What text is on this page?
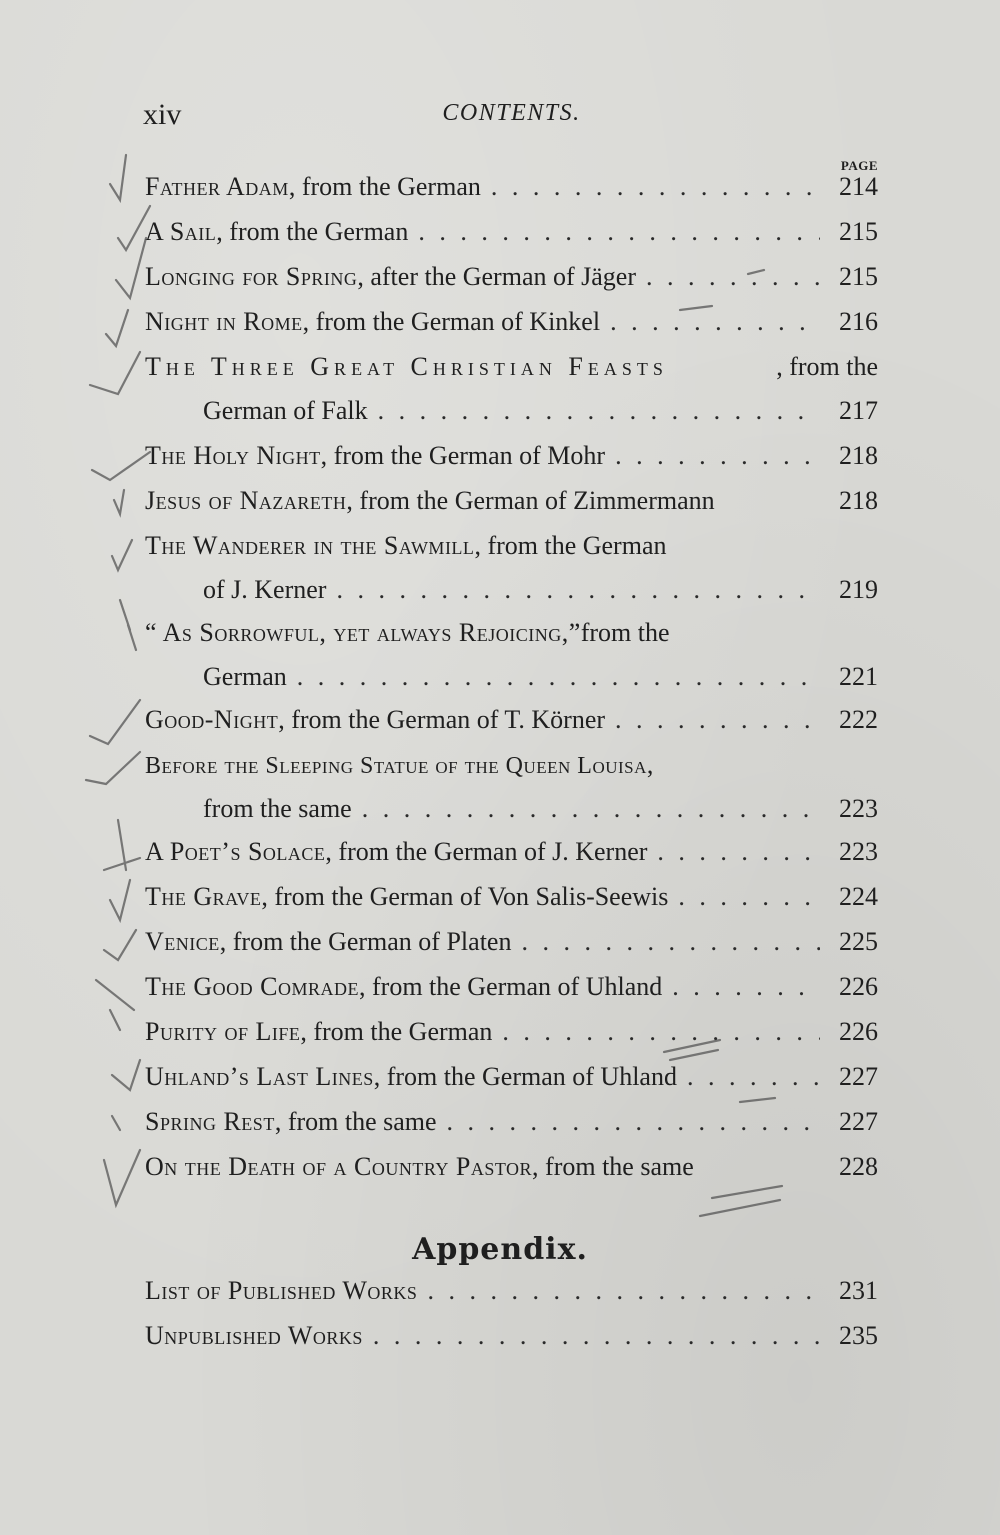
xiv	CONTENTS.
PAGE
Father Adam , from the German . . .	214
A Sail , from the German . . .	215
Longing for Spring , after the German of Jäger . . .	215
Night in Rome , from the German of Kinkel . . .	216
The Three Great Christian Feasts	, from the
German of Falk . . .	217
The Holy Night , from the German of Mohr . . .	218
Jesus of Nazareth , from the German of Zimmermann	218
The Wanderer in the Sawmill , from the German
of J. Kerner . . .	219
“ As Sorrowful, yet always Rejoicing,” from the
German . . .	221
Good-Night , from the German of T. Körner . . .	222
Before the Sleeping Statue of the Queen Louisa ,
from the same . . .	223
A Poet’s Solace , from the German of J. Kerner . . .	223
The Grave , from the German of Von Salis-Seewis . . .	224
Venice , from the German of Platen . . .	225
The Good Comrade , from the German of Uhland . . .	226
Purity of Life , from the German . . .	226
Uhland’s Last Lines , from the German of Uhland . . .	227
Spring Rest , from the same . . .	227
On the Death of a Country Pastor , from the same	228
Appendix.
List of Published Works . . .	231
Unpublished Works . . .	235
